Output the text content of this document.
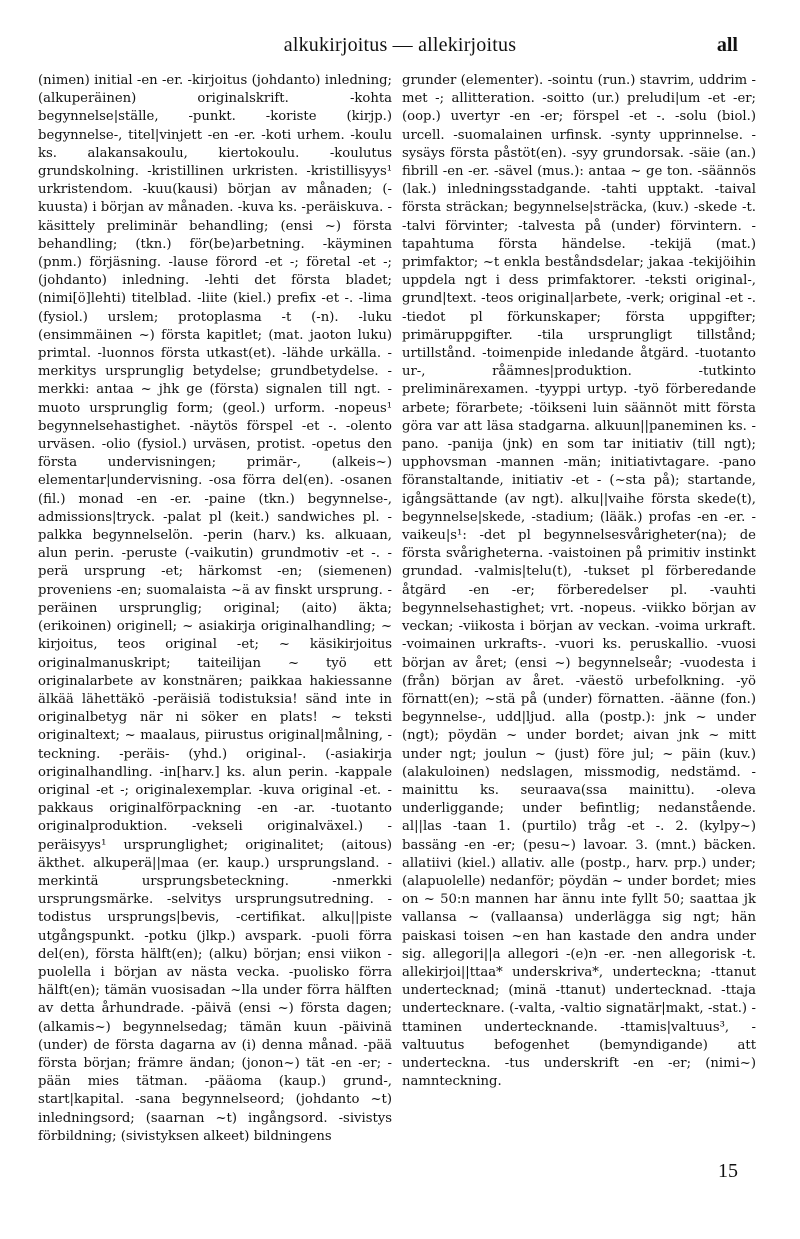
alkukirjoitus — allekirjoitus	all

(nimen) initial -en -er. -kirjoitus (johdanto) inledning; (alkuperäinen) originalskrift. -kohta begynnelse|ställe, -punkt. -koriste (kirjp.) begynnelse-, titel|vinjett -en -er. -koti urhem. -koulu ks. alakansakoulu, kiertokoulu. -koulutus grundskolning. -kristillinen urkristen. -kristillisyys¹ urkristendom. -kuu(kausi) början av månaden; (-kuusta) i början av månaden. -kuva ks. -peräiskuva. -käsittely preliminär behandling; (ensi ~) första behandling; (tkn.) för(be)arbetning. -käyminen (pnm.) förjäsning. -lause förord -et -; företal -et -; (johdanto) inledning. -lehti det första bladet; (nimi[ö]lehti) titelblad. -liite (kiel.) prefix -et -. -lima (fysiol.) urslem; protoplasma -t (-n). -luku (ensimmäinen ~) första kapitlet; (mat. jaoton luku) primtal. -luonnos första utkast(et). -lähde urkälla. -merkitys ursprunglig betydelse; grundbetydelse. -merkki: antaa ~ jhk ge (första) signalen till ngt. -muoto ursprunglig form; (geol.) urform. -nopeus¹ begynnelsehastighet. -näytös förspel -et -. -olento urväsen. -olio (fysiol.) urväsen, protist. -opetus den första undervisningen; primär-, (alkeis~) elementar|undervisning. -osa förra del(en). -osanen (fil.) monad -en -er. -paine (tkn.) begynnelse-, admissions|tryck. -palat pl (keit.) sandwiches pl. -palkka begynnelselön. -perin (harv.) ks. alkuaan, alun perin. -peruste (-vaikutin) grundmotiv -et -. -perä ursprung -et; härkomst -en; (siemenen) proveniens -en; suomalaista ~ä av finskt ursprung. -peräinen ursprunglig; original; (aito) äkta; (erikoinen) originell; ~ asiakirja originalhandling; ~ kirjoitus, teos original -et; ~ käsikirjoitus originalmanuskript; taiteilijan ~ työ ett originalarbete av konstnären; paikkaa hakiessanne älkää lähettäkö -peräisiä todistuksia! sänd inte in originalbetyg när ni söker en plats! ~ teksti originaltext; ~ maalaus, piirustus original|målning, -teckning. -peräis- (yhd.) original-. (-asiakirja originalhandling. -in[harv.] ks. alun perin. -kappale original -et -; originalexemplar. -kuva original -et. -pakkaus originalförpackning -en -ar. -tuotanto originalproduktion. -vekseli originalväxel.) -peräisyys¹ ursprunglighet; originalitet; (aitous) äkthet. alkuperä||maa (er. kaup.) ursprungsland. -merkintä ursprungsbeteckning. -nmerkki ursprungsmärke. -selvitys ursprungsutredning. -todistus ursprungs|bevis, -certifikat. alku||piste utgångspunkt. -potku (jlkp.) avspark. -puoli förra del(en), första hälft(en); (alku) början; ensi viikon -puolella i början av nästa vecka. -puolisko förra hälft(en); tämän vuosisadan ~lla under förra hälften av detta århundrade. -päivä (ensi ~) första dagen; (alkamis~) begynnelsedag; tämän kuun -päivinä (under) de första dagarna av (i) denna månad. -pää första början; främre ändan; (jonon~) tät -en -er; -pään mies tätman. -pääoma (kaup.) grund-, start|kapital. -sana begynnelseord; (johdanto ~t) inledningsord; (saarnan ~t) ingångsord. -sivistys förbildning; (sivistyksen alkeet) bildningens

grunder (elementer). -sointu (run.) stavrim, uddrim -met -; allitteration. -soitto (ur.) preludi|um -et -er; (oop.) uvertyr -en -er; förspel -et -. -solu (biol.) urcell. -suomalainen urfinsk. -synty upprinnelse. -sysäys första påstöt(en). -syy grundorsak. -säie (an.) fibrill -en -er. -sävel (mus.): antaa ~ ge ton. -säännös (lak.) inledningsstadgande. -tahti upptakt. -taival första sträckan; begynnelse|sträcka, (kuv.) -skede -t. -talvi förvinter; -talvesta på (under) förvintern. -tapahtuma första händelse. -tekijä (mat.) primfaktor; ~t enkla beståndsdelar; jakaa -tekijöihin uppdela ngt i dess primfaktorer. -teksti original-, grund|text. -teos original|arbete, -verk; original -et -. -tiedot pl förkunskaper; första uppgifter; primäruppgifter. -tila ursprungligt tillstånd; urtillstånd. -toimenpide inledande åtgärd. -tuotanto ur-, råämnes|produktion. -tutkinto preliminärexamen. -tyyppi urtyp. -työ förberedande arbete; förarbete; -töikseni luin säännöt mitt första göra var att läsa stadgarna. alkuun||paneminen ks. -pano. -panija (jnk) en som tar initiativ (till ngt); upphovsman -mannen -män; initiativtagare. -pano föranstaltande, initiativ -et - (~sta på); startande, igångsättande (av ngt). alku||vaihe första skede(t), begynnelse|skede, -stadium; (lääk.) profas -en -er. -vaikeu|s¹: -det pl begynnelsesvårigheter(na); de första svårigheterna. -vaistoinen på primitiv instinkt grundad. -valmis|telu(t), -tukset pl förberedande åtgärd -en -er; förberedelser pl. -vauhti begynnelsehastighet; vrt. -nopeus. -viikko början av veckan; -viikosta i början av veckan. -voima urkraft. -voimainen urkrafts-. -vuori ks. peruskallio. -vuosi början av året; (ensi ~) begynnelseår; -vuodesta i (från) början av året. -väestö urbefolkning. -yö förnatt(en); ~stä på (under) förnatten. -äänne (fon.) begynnelse-, udd|ljud. alla (postp.): jnk ~ under (ngt); pöydän ~ under bordet; aivan jnk ~ mitt under ngt; joulun ~ (just) före jul; ~ päin (kuv.) (alakuloinen) nedslagen, missmodig, nedstämd. -mainittu ks. seuraava(ssa mainittu). -oleva underliggande; under befintlig; nedanstående. al||las -taan 1. (purtilo) tråg -et -. 2. (kylpy~) bassäng -en -er; (pesu~) lavoar. 3. (mnt.) bäcken. allatiivi (kiel.) allativ. alle (postp., harv. prp.) under; (alapuolelle) nedanför; pöydän ~ under bordet; mies on ~ 50:n mannen har ännu inte fyllt 50; saattaa jk vallansa ~ (vallaansa) underlägga sig ngt; hän paiskasi toisen ~en han kastade den andra under sig. allegori||a allegori -(e)n -er. -nen allegorisk -t. allekirjoi||ttaa* underskriva*, underteckna; -ttanut undertecknad; (minä -ttanut) undertecknad. -ttaja undertecknare. (-valta, -valtio signatär|makt, -stat.) -ttaminen undertecknande. -ttamis|valtuus³, -valtuutus befogenhet (bemyndigande) att underteckna. -tus underskrift -en -er; (nimi~) namnteckning.

15
